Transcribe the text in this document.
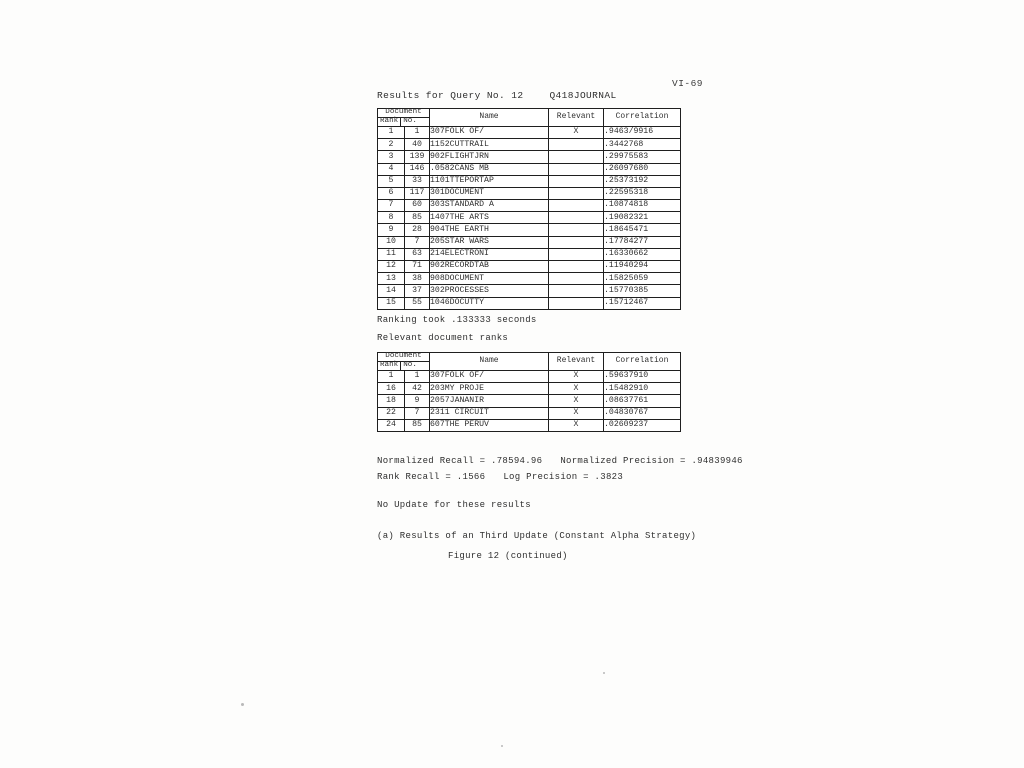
VI-69
Results for Query No. 12	Q418JOURNAL
Document
Rank No.		Name	Relevant	Correlation
1	1	307FOLK OF/	X	.9463/9916
2	40	1152CUTTRAIL		.3442768
3	139	902FLIGHTJRN		.29975583
4	146	.0582CANS MB		.26097680
5	33	1101TTEPORTAP		.25373192
6	117	301DOCUMENT		.22595318
7	60	303STANDARD A		.10874818
8	85	1407THE ARTS		.19082321
9	28	904THE EARTH		.18645471
10	7	205STAR WARS		.17784277
11	63	214ELECTRONI		.16330662
12	71	902RECORDTAB		.11940294
13	38	908DOCUMENT		.15825059
14	37	302PROCESSES		.15770385
15	55	1046DOCUTTY		.15712467
Ranking took .133333 seconds
Relevant document ranks
Document
Rank No.		Name	Relevant	Correlation
1	1	307FOLK OF/	X	.59637910
16	42	203MY PROJE	X	.15482910
18	9	2057JANANIR	X	.08637761
22	7	2311 CIRCUIT	X	.04830767
24	85	607THE PERUV	X	.02609237
Normalized Recall = .78594.96 Normalized Precision = .94839946
Rank Recall = .1566 Log Precision = .3823
No Update for these results
(a) Results of an Third Update (Constant Alpha Strategy)
Figure 12 (continued)
